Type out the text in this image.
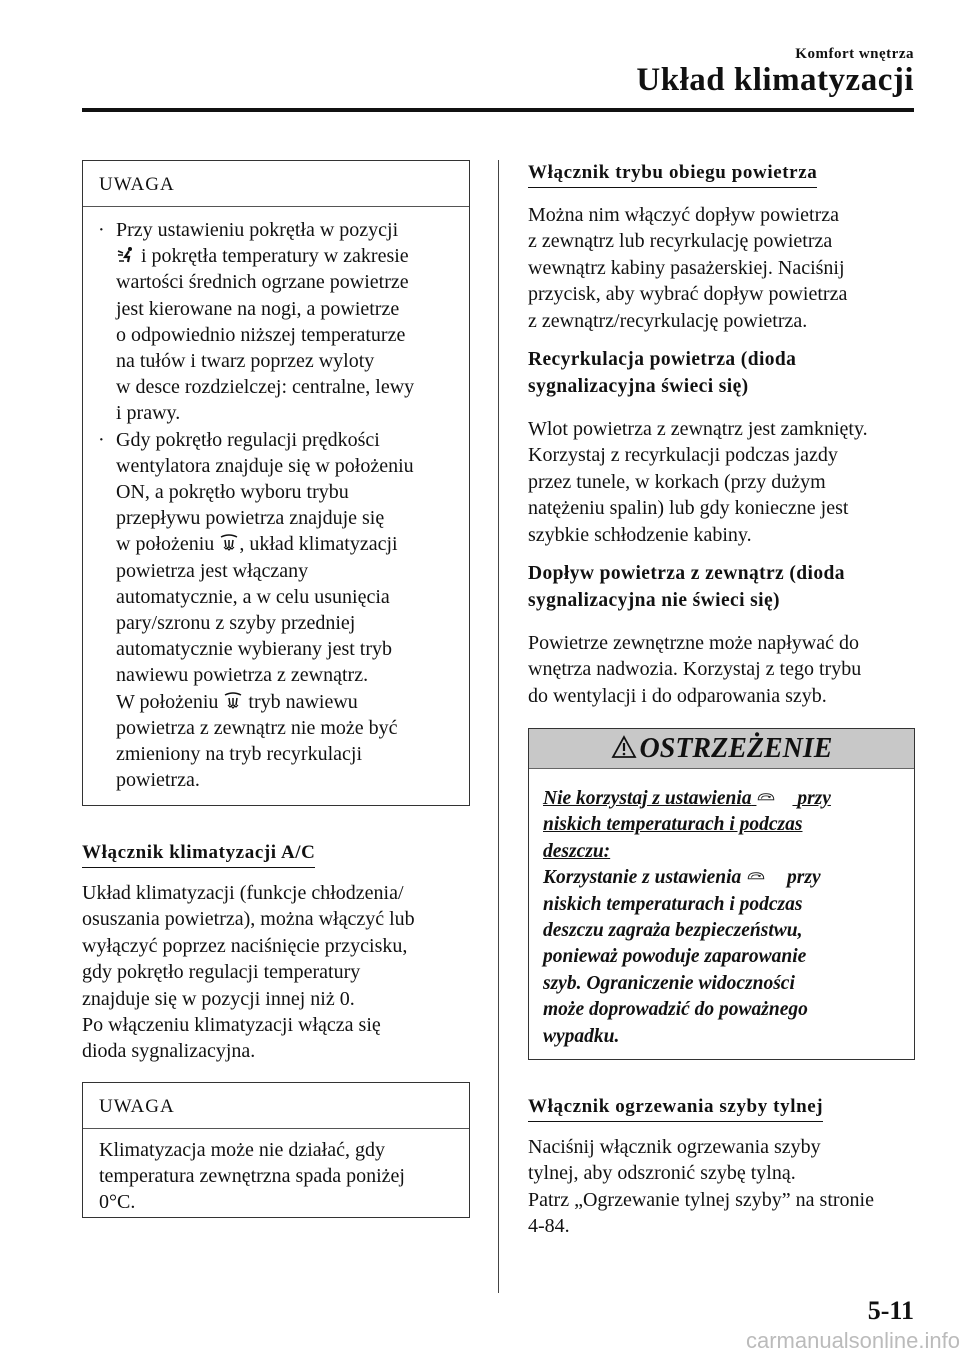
Komfort wnętrza
Układ klimatyzacji
UWAGA
· Przy ustawieniu pokrętła w pozycji

i pokrętła temperatury w zakresie
wartości średnich ogrzane powietrze
jest kierowane na nogi, a powietrze
o odpowiednio niższej temperaturze
na tułów i twarz poprzez wyloty
w desce rozdzielczej: centralne, lewy
i prawy.
· Gdy pokrętło regulacji prędkości
wentylatora znajduje się w położeniu
ON, a pokrętło wyboru trybu
przepływu powietrza znajduje się
w położeniu , układ klimatyzacji
powietrza jest włączany
automatycznie, a w celu usunięcia
pary/szronu z szyby przedniej
automatycznie wybierany jest tryb
nawiewu powietrza z zewnątrz.
W położeniu tryb nawiewu
powietrza z zewnątrz nie może być
zmieniony na tryb recyrkulacji
powietrza.
Włącznik klimatyzacji A/C
Układ klimatyzacji (funkcje chłodzenia/
osuszania powietrza), można włączyć lub
wyłączyć poprzez naciśnięcie przycisku,
gdy pokrętło regulacji temperatury
znajduje się w pozycji innej niż 0.
Po włączeniu klimatyzacji włącza się
dioda sygnalizacyjna.
UWAGA
Klimatyzacja może nie działać, gdy
temperatura zewnętrzna spada poniżej
0°C.
Włącznik trybu obiegu powietrza
Można nim włączyć dopływ powietrza
z zewnątrz lub recyrkulację powietrza
wewnątrz kabiny pasażerskiej. Naciśnij
przycisk, aby wybrać dopływ powietrza
z zewnątrz/recyrkulację powietrza.
Recyrkulacja powietrza (dioda
sygnalizacyjna świeci się)
Wlot powietrza z zewnątrz jest zamknięty.
Korzystaj z recyrkulacji podczas jazdy
przez tunele, w korkach (przy dużym
natężeniu spalin) lub gdy konieczne jest
szybkie schłodzenie kabiny.
Dopływ powietrza z zewnątrz (dioda
sygnalizacyjna nie świeci się)
Powietrze zewnętrzne może napływać do
wnętrza nadwozia. Korzystaj z tego trybu
do wentylacji i do odparowania szyb.
OSTRZEŻENIE
Nie korzystaj z ustawienia przy
niskich temperaturach i podczas
deszczu:
Korzystanie z ustawienia przy
niskich temperaturach i podczas
deszczu zagraża bezpieczeństwu,
ponieważ powoduje zaparowanie
szyb. Ograniczenie widoczności
może doprowadzić do poważnego
wypadku.
Włącznik ogrzewania szyby tylnej
Naciśnij włącznik ogrzewania szyby
tylnej, aby odszronić szybę tylną.
Patrz „Ogrzewanie tylnej szyby” na stronie
4-84.
5-11
carmanualsonline.info
